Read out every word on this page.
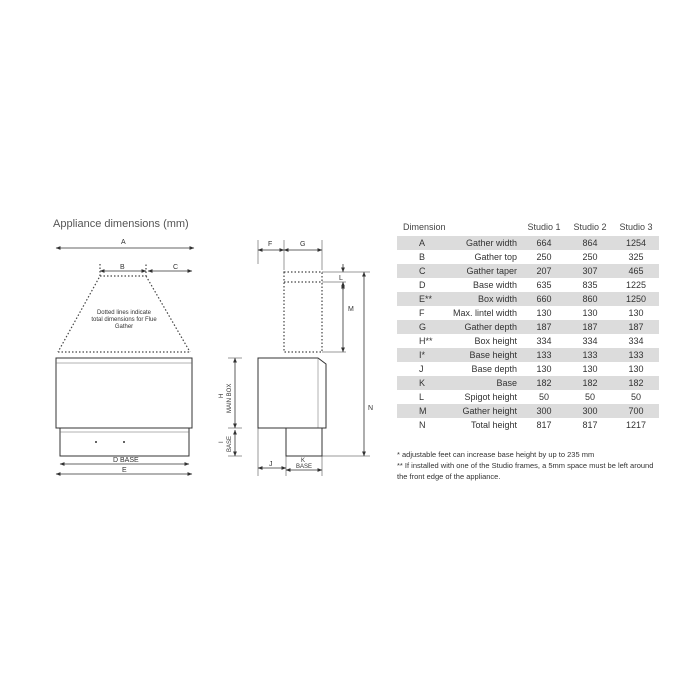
Appliance dimensions (mm)
A
B	C
Dotted lines indicate
total dimensions for Flue
Gather
D BASE
E
MAIN BOX
H
BASE
I
F	G
L
M
N
J	K
BASE
Dimension		Studio 1	Studio 2	Studio 3
A	Gather width	664	864	1254
B	Gather top	250	250	325
C	Gather taper	207	307	465
D	Base width	635	835	1225
E**	Box width	660	860	1250
F	Max. lintel width	130	130	130
G	Gather depth	187	187	187
H**	Box height	334	334	334
I*	Base height	133	133	133
J	Base depth	130	130	130
K	Base	182	182	182
L	Spigot height	50	50	50
M	Gather height	300	300	700
N	Total height	817	817	1217
* adjustable feet can increase base height by up to 235 mm
** If installed with one of the Studio frames, a 5mm space must be left around the front edge of the appliance.
